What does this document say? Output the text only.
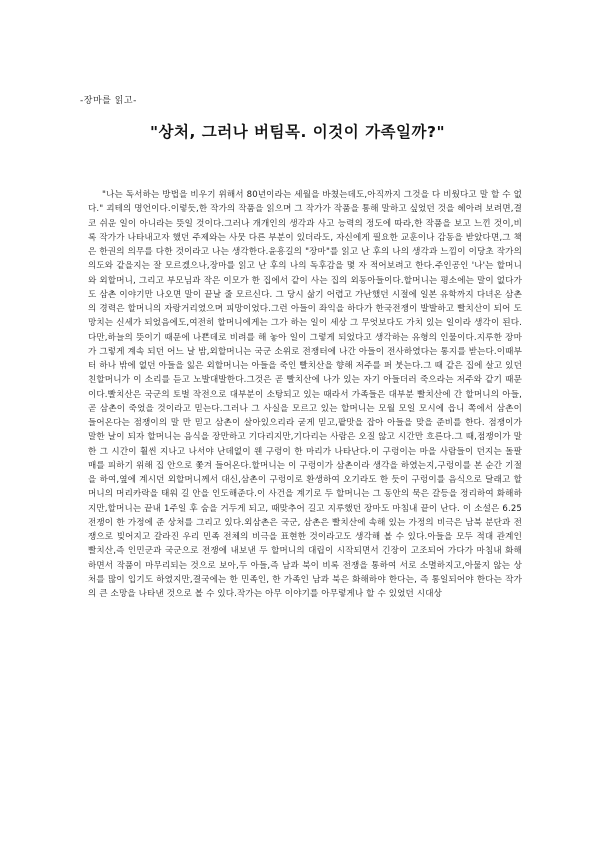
-장마를 읽고-
"상처, 그러나 버팀목. 이것이 가족일까?"

"나는 독서하는 방법을 비우기 위해서 80년이라는 세월을 바쳤는데도,아직까지 그것을 다 비웠다고 말 할 수 없다." 괴테의 명언이다.이렇듯,한 작가의 작품을 읽으며 그 작가가 작품을 통해 말하고 싶었던 것을 헤아려 보려면,결코 쉬운 일이 아니라는 뜻일 것이다.그러나 개개인의 생각과 사고 능력의 정도에 따라,한 작품을 보고 느낀 것이,비록 작가가 나타내고자 했던 주제와는 사뭇 다른 부분이 있더라도, 자신에게 필요한 교훈이나 감동을 받았다면,그 책은 한권의 의무를 다한 것이라고 나는 생각한다.윤흥길의 "장마"를 읽고 난 후의 나의 생각과 느낌이 이당초 작가의 의도와 같을지는 잘 모르겠으나,장마를 읽고 난 후의 나의 독후감을 몇 자 적어보려고 한다.주인공인 '나'는 할머니와 외할머니, 그리고 부모님과 작은 이모가 한 집에서 같이 사는 집의 외동아들이다.할머니는 평소에는 말이 없다가도 삼촌 이야기만 나오면 말이 끝날 줄 모르신다. 그 당시 삶기 어렵고 가난했던 시절에 일본 유학까지 다녀온 삼촌의 경력은 할머니의 자랑거리였으며 피망이었다.그런 아들이 좌익을 하다가 한국전쟁이 발발하고 빨치산이 되어 도망치는 신세가 되었음에도,여전히 할머니에게는 그가 하는 일이 세상 그 무엇보다도 가치 있는 일이라 생각이 된다.다만,하늘의 뜻이기 때문에 나쁜데로 비려를 해 놓아 일이 그렇게 되었다고 생각하는 유형의 인물이다.지루한 장마가 그렇게 계속 되던 어느 날 밤,외할머니는 국군 소위로 전쟁터에 나간 아들이 전사하였다는 통지를 받는다.이때부터 하나 밖에 없던 아들을 잃은 외할머니는 아들을 죽인 빨치산을 향해 저주를 퍼 붓는다.그 때 같은 집에 살고 있던 친할머니가 이 소리를 듣고 노발대발한다.그것은 곧 빨치산에 나가 있는 자기 아들더러 죽으라는 저주와 같기 때문이다.빨치산은 국군의 토벌 작전으로 대부분이 소탕되고 있는 때라서 가족들은 대부분 빨치산에 간 할머니의 아들,곧 삼촌이 죽었을 것이라고 믿는다.그러나 그 사실을 모르고 있는 할머니는 모월 모일 모시에 읍니 쪽에서 삼촌이 들어온다는 점쟁이의 말 만 믿고 삼촌이 살아있으리라 굳게 믿고,팥맛을 잡아 아들을 맞을 준비를 한다. 점쟁이가 말한 날이 되자 할머니는 음식을 장만하고 기다리지만,기다리는 사람은 오질 않고 시간만 흐른다.그 때,점쟁이가 말한 그 시간이 훨씬 지나고 나서야 난데없이 웬 구렁이 한 마리가 나타난다.이 구렁이는 마을 사람들이 던지는 돌팔매를 피하기 위해 집 안으로 쫓겨 들어온다.할머니는 이 구렁이가 삼촌이라 생각을 하였는지,구렁이를 본 순간 기절을 하여,옆에 계시던 외할머니께서 대신,삼촌이 구렁이로 환생하여 오기라도 한 듯이 구렁이를 음식으로 달래고 할머니의 머리카락을 태워 길 안을 인도해준다.이 사건을 계기로 두 할머니는 그 동안의 묵은 갈등을 정리하여 화해하지만,할머니는 끝내 1주일 후 숨을 거두게 되고, 때맞추어 길고 지루했던 장마도 마침내 끝이 난다. 이 소설은 6.25 전쟁이 한 가정에 준 상처를 그리고 있다.외삼촌은 국군, 삼촌은 빨치산에 속해 있는 가정의 비극은 남북 분단과 전쟁으로 빚어지고 갈라진 우리 민족 전체의 비극을 표현한 것이라고도 생각해 볼 수 있다.아들을 모두 적대 관계인 빨치산,즉 인민군과 국군으로 전쟁에 내보낸 두 할머니의 대립이 시작되면서 긴장이 고조되어 가다가 마침내 화해하면서 작품이 마무리되는 것으로 보아,두 아들,즉 남과 북이 비록 전쟁을 통하여 서로 소멸하지고,아물지 않는 상처를 많이 입기도 하였지만,결국에는 한 민족인, 한 가족인 남과 북은 화해하야 한다는, 즉 통일되어야 한다는 작가의 큰 소망을 나타낸 것으로 볼 수 있다.작가는 아무 이야기를 아무렇게나 할 수 있었던 시대상
